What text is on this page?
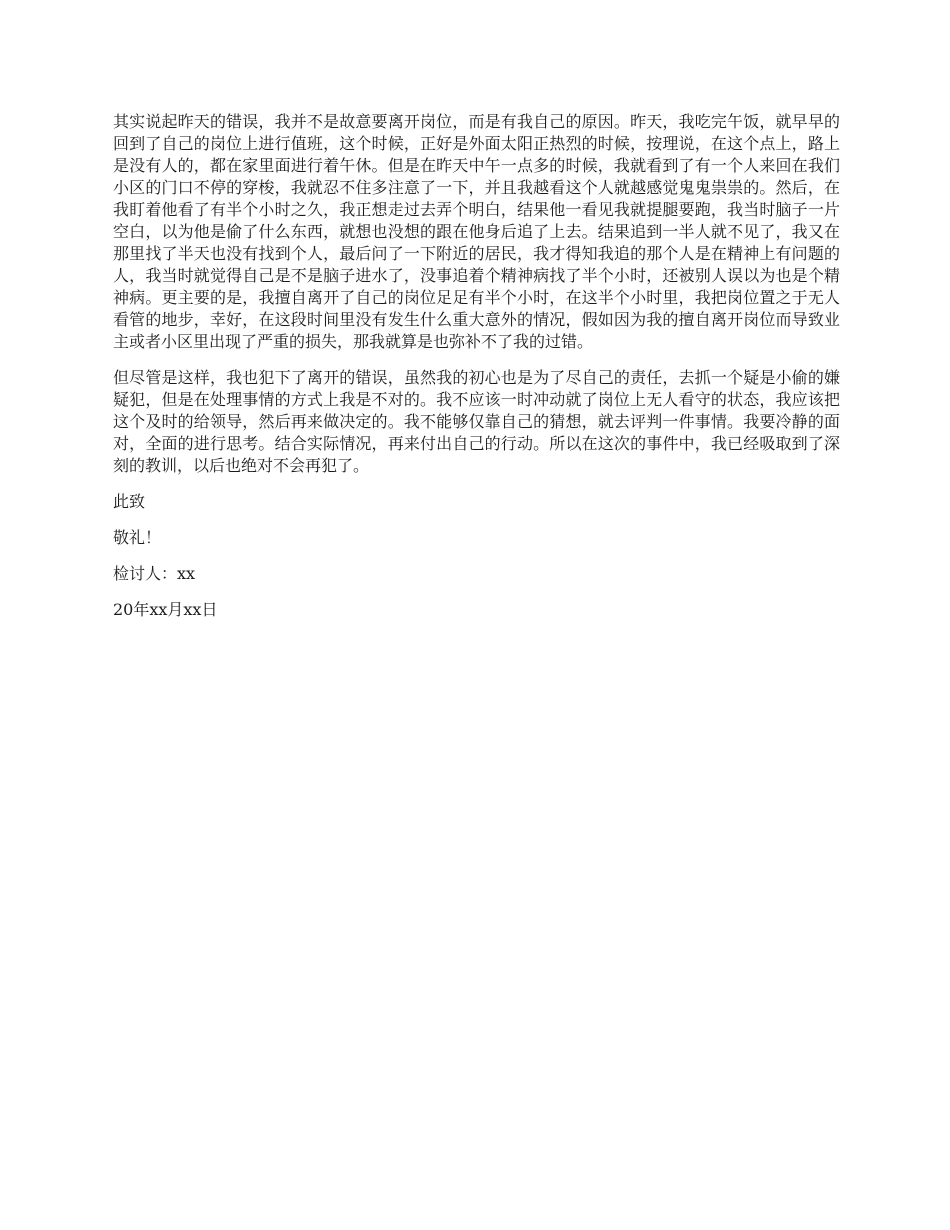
其实说起昨天的错误，我并不是故意要离开岗位，而是有我自己的原因。昨天，我吃完午饭，就早早的回到了自己的岗位上进行值班，这个时候，正好是外面太阳正热烈的时候，按理说，在这个点上，路上是没有人的，都在家里面进行着午休。但是在昨天中午一点多的时候，我就看到了有一个人来回在我们小区的门口不停的穿梭，我就忍不住多注意了一下，并且我越看这个人就越感觉鬼鬼祟祟的。然后，在我盯着他看了有半个小时之久，我正想走过去弄个明白，结果他一看见我就提腿要跑，我当时脑子一片空白，以为他是偷了什么东西，就想也没想的跟在他身后追了上去。结果追到一半人就不见了，我又在那里找了半天也没有找到个人，最后问了一下附近的居民，我才得知我追的那个人是在精神上有问题的人，我当时就觉得自己是不是脑子进水了，没事追着个精神病找了半个小时，还被别人误以为也是个精神病。更主要的是，我擅自离开了自己的岗位足足有半个小时，在这半个小时里，我把岗位置之于无人看管的地步，幸好，在这段时间里没有发生什么重大意外的情况，假如因为我的擅自离开岗位而导致业主或者小区里出现了严重的损失，那我就算是也弥补不了我的过错。

但尽管是这样，我也犯下了离开的错误，虽然我的初心也是为了尽自己的责任，去抓一个疑是小偷的嫌疑犯，但是在处理事情的方式上我是不对的。我不应该一时冲动就了岗位上无人看守的状态，我应该把这个及时的给领导，然后再来做决定的。我不能够仅靠自己的猜想，就去评判一件事情。我要冷静的面对，全面的进行思考。结合实际情况，再来付出自己的行动。所以在这次的事件中，我已经吸取到了深刻的教训，以后也绝对不会再犯了。

此致

敬礼！

检讨人：xx

20年xx月xx日
